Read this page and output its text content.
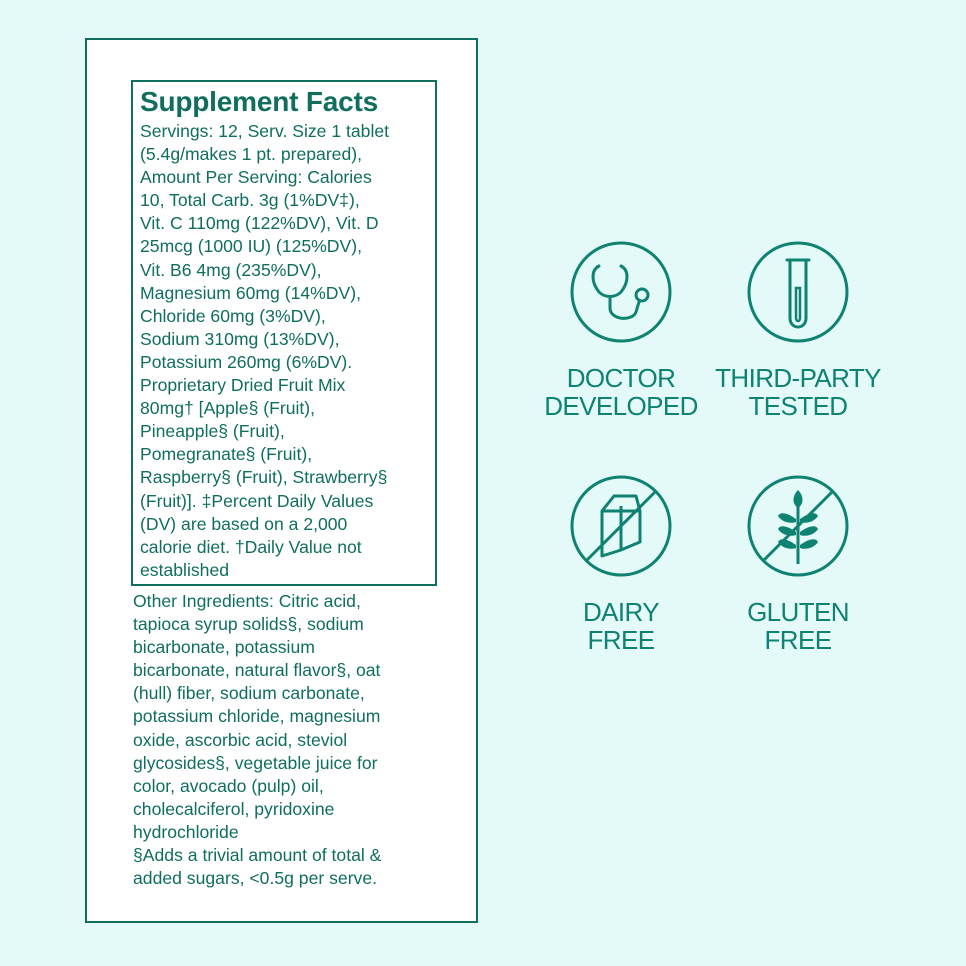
Supplement Facts
Servings: 12, Serv. Size 1 tablet
(5.4g/makes 1 pt. prepared),
Amount Per Serving: Calories
10, Total Carb. 3g (1%DV‡),
Vit. C 110mg (122%DV), Vit. D
25mcg (1000 IU) (125%DV),
Vit. B6 4mg (235%DV),
Magnesium 60mg (14%DV),
Chloride 60mg (3%DV),
Sodium 310mg (13%DV),
Potassium 260mg (6%DV).
Proprietary Dried Fruit Mix
80mg† [Apple§ (Fruit),
Pineapple§ (Fruit),
Pomegranate§ (Fruit),
Raspberry§ (Fruit), Strawberry§
(Fruit)]. ‡Percent Daily Values
(DV) are based on a 2,000
calorie diet. †Daily Value not
established
Other Ingredients: Citric acid,
tapioca syrup solids§, sodium
bicarbonate, potassium
bicarbonate, natural flavor§, oat
(hull) fiber, sodium carbonate,
potassium chloride, magnesium
oxide, ascorbic acid, steviol
glycosides§, vegetable juice for
color, avocado (pulp) oil,
cholecalciferol, pyridoxine
hydrochloride
§Adds a trivial amount of total &
added sugars, <0.5g per serve.
DOCTOR
DEVELOPED
THIRD-PARTY
TESTED
DAIRY
FREE
GLUTEN
FREE
